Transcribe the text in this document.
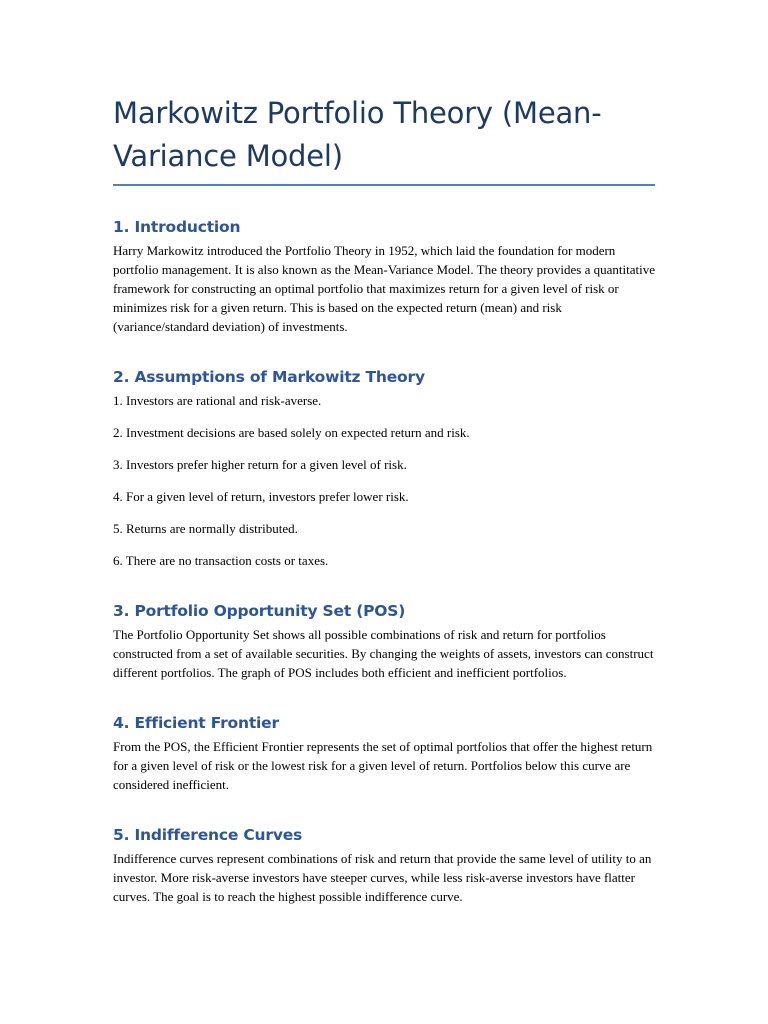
Markowitz Portfolio Theory (Mean-
Variance Model)
1. Introduction

Harry Markowitz introduced the Portfolio Theory in 1952, which laid the foundation for modern portfolio management. It is also known as the Mean-Variance Model. The theory provides a quantitative framework for constructing an optimal portfolio that maximizes return for a given level of risk or minimizes risk for a given return. This is based on the expected return (mean) and risk (variance/standard deviation) of investments.

2. Assumptions of Markowitz Theory

1. Investors are rational and risk-averse.

2. Investment decisions are based solely on expected return and risk.

3. Investors prefer higher return for a given level of risk.

4. For a given level of return, investors prefer lower risk.

5. Returns are normally distributed.

6. There are no transaction costs or taxes.

3. Portfolio Opportunity Set (POS)

The Portfolio Opportunity Set shows all possible combinations of risk and return for portfolios constructed from a set of available securities. By changing the weights of assets, investors can construct different portfolios. The graph of POS includes both efficient and inefficient portfolios.

4. Efficient Frontier

From the POS, the Efficient Frontier represents the set of optimal portfolios that offer the highest return for a given level of risk or the lowest risk for a given level of return. Portfolios below this curve are considered inefficient.

5. Indifference Curves

Indifference curves represent combinations of risk and return that provide the same level of utility to an investor. More risk-averse investors have steeper curves, while less risk-averse investors have flatter curves. The goal is to reach the highest possible indifference curve.
